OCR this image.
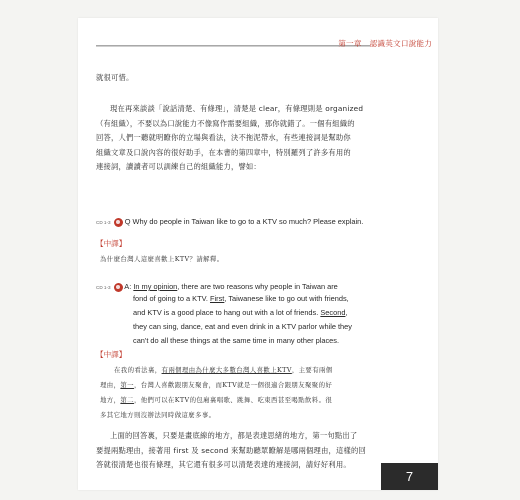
第一章 認識英文口說能力
就很可惜。
現在再來談談「說話清楚、有條理」，清楚是 clear，有條理則是 organized
（有組織），不要以為口說能力不像寫作需要組織，那你就錯了。一個有組織的
回答，人們一聽就明瞭你的立場與看法，決不拖泥帶水，有些連接詞是幫助你
組織文章及口說內容的很好助手，在本書的第四章中，特別羅列了許多有用的
連接詞，讀讀者可以訓練自己的組織能力，譬如：
CD 1-3 Q Why do people in Taiwan like to go to a KTV so much? Please explain.
【中譯】
為什麼台灣人這麼喜歡上KTV？請解釋。
CD 1-3 A: In my opinion, there are two reasons why people in Taiwan are
fond of going to a KTV. First, Taiwanese like to go out with friends,
and KTV is a good place to hang out with a lot of friends. Second,
they can sing, dance, eat and even drink in a KTV parlor while they
can't do all these things at the same time in many other places.
【中譯】
在我的看法裏，有兩個理由為什麼大多數台灣人喜歡上KTV，主要有兩個
理由，第一，台灣人喜歡跟朋友聚會，而KTV就是一個很適合跟朋友聚聚的好
地方，第二，他們可以在KTV的包廂裏唱歌、跳舞、吃東西甚至喝點飲料。很
多其它地方則沒辦法同時做這麼多事。
上面的回答裏，只要是畫底線的地方，都是表達思緒的地方，第一句點出了
要提兩點理由，接著用 first 及 second 來幫助聽眾瞭解是哪兩個理由，這樣的回
答就很清楚也很有條理，其它還有很多可以清楚表達的連接詞，請好好利用。
7
